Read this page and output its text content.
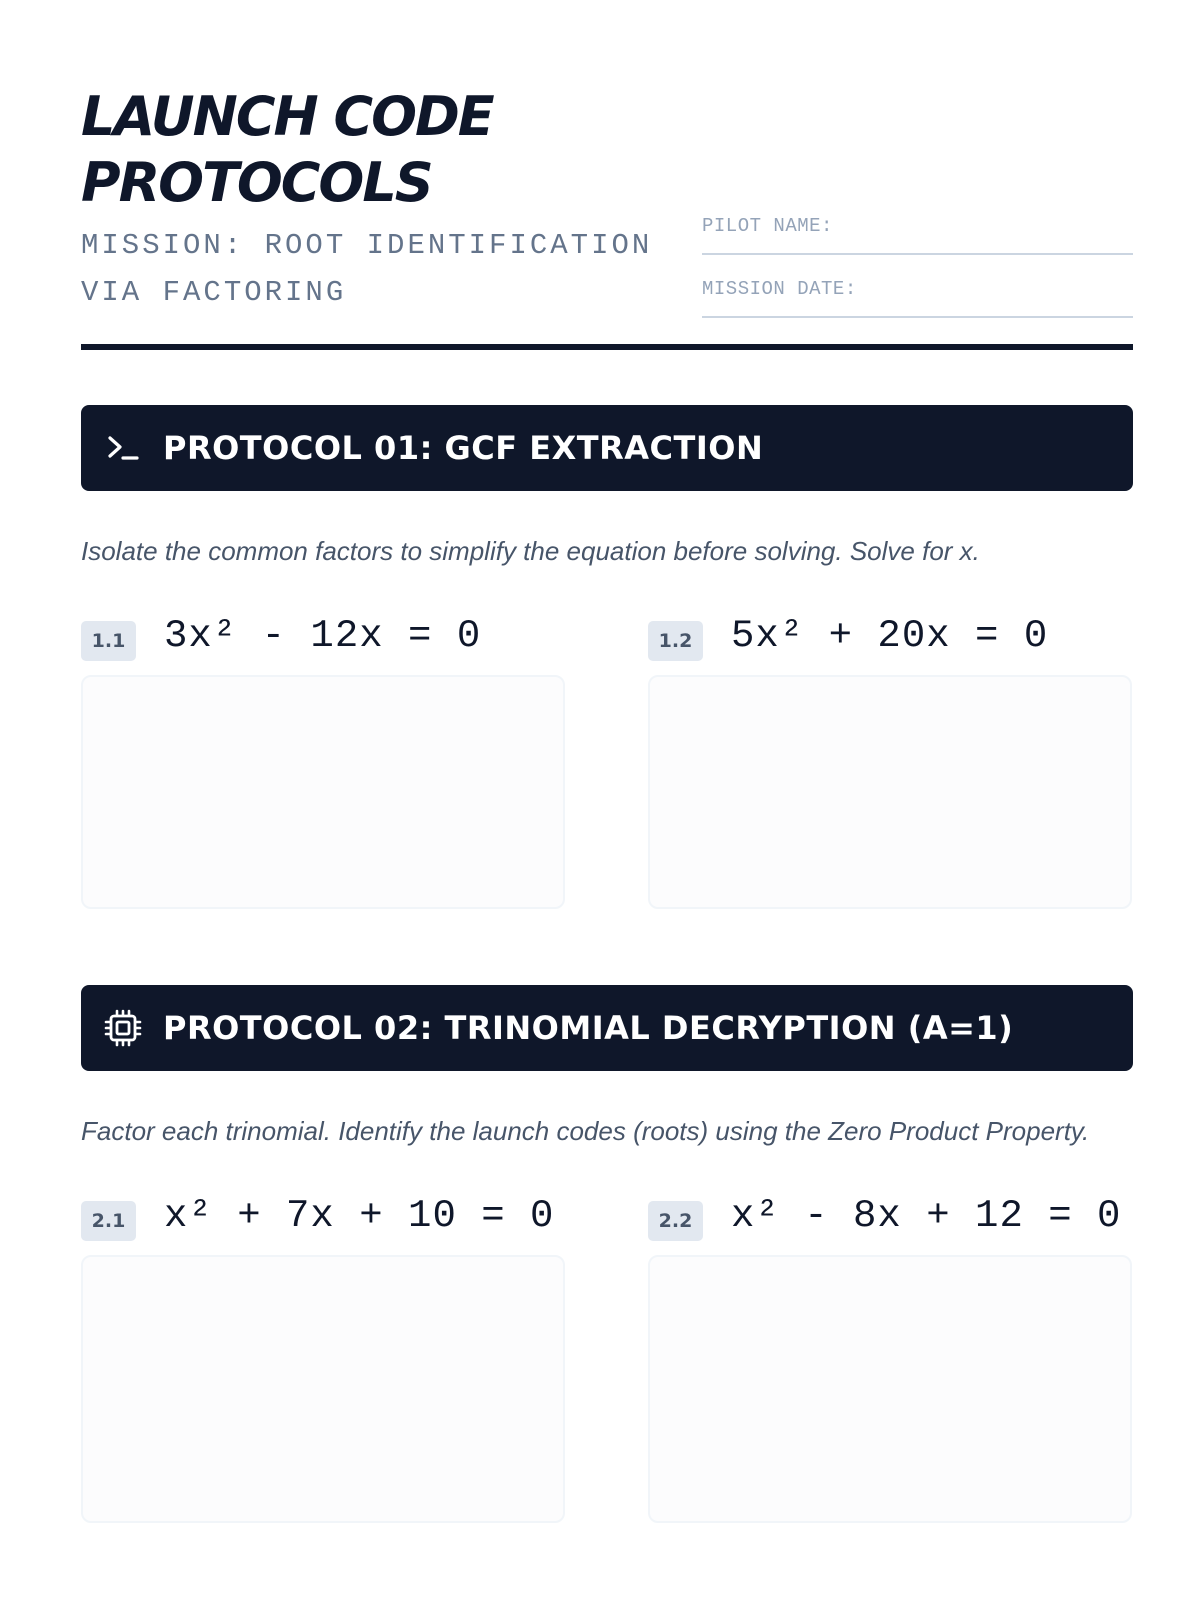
LAUNCH CODE
PROTOCOLS
MISSION: ROOT IDENTIFICATION VIA FACTORING
PILOT NAME:
MISSION DATE:
PROTOCOL 01: GCF EXTRACTION
Isolate the common factors to simplify the equation before solving. Solve for x.
1.1 3x² - 12x = 0	1.2 5x² + 20x = 0
PROTOCOL 02: TRINOMIAL DECRYPTION (A=1)
Factor each trinomial. Identify the launch codes (roots) using the Zero Product Property.
2.1 x² + 7x + 10 = 0	2.2 x² - 8x + 12 = 0
